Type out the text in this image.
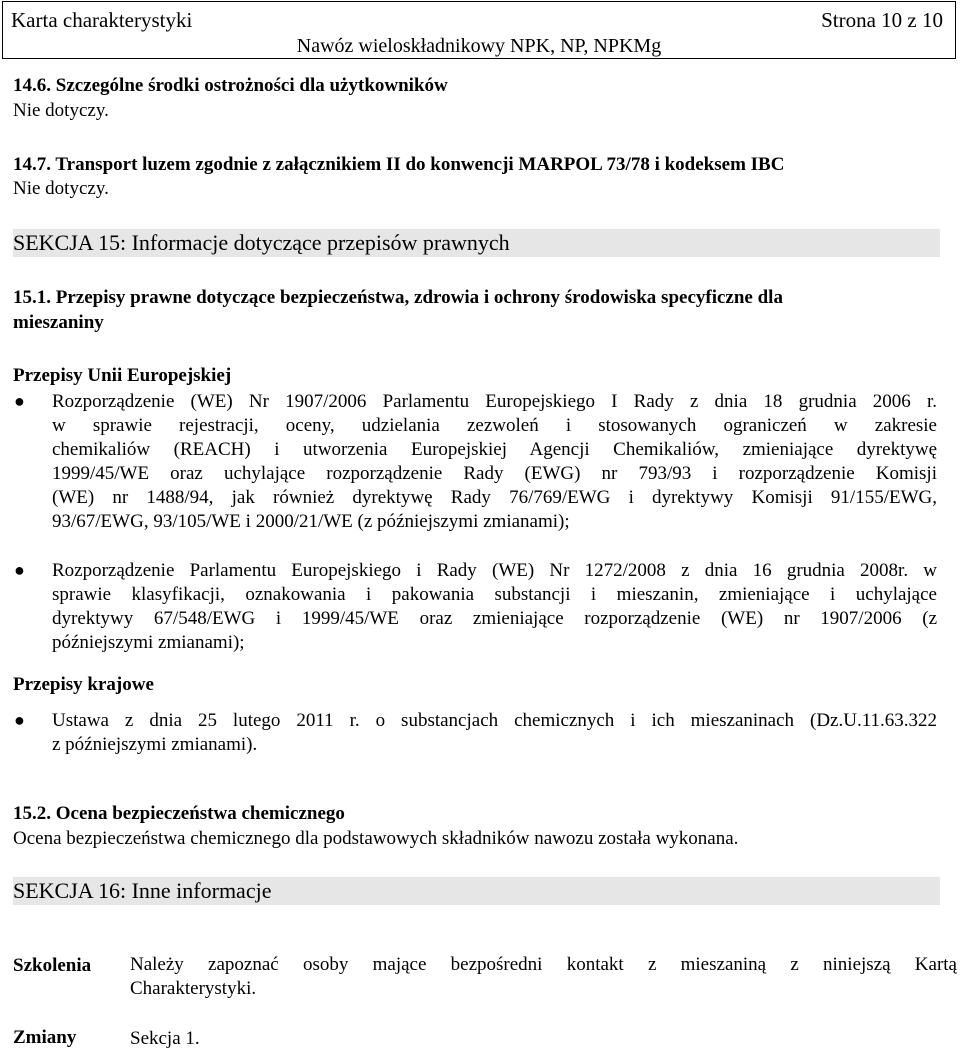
Karta charakterystyki	Strona 10 z 10
Nawóz wieloskładnikowy NPK, NP, NPKMg
14.6. Szczególne środki ostrożności dla użytkowników
Nie dotyczy.
14.7. Transport luzem zgodnie z załącznikiem II do konwencji MARPOL 73/78 i kodeksem IBC
Nie dotyczy.
SEKCJA 15: Informacje dotyczące przepisów prawnych
15.1. Przepisy prawne dotyczące bezpieczeństwa, zdrowia i ochrony środowiska specyficzne dla
mieszaniny
Przepisy Unii Europejskiej
● Rozporządzenie (WE) Nr 1907/2006 Parlamentu Europejskiego I Rady z dnia 18 grudnia 2006 r.
w sprawie rejestracji, oceny, udzielania zezwoleń i stosowanych ograniczeń w zakresie
chemikaliów (REACH) i utworzenia Europejskiej Agencji Chemikaliów, zmieniające dyrektywę
1999/45/WE oraz uchylające rozporządzenie Rady (EWG) nr 793/93 i rozporządzenie Komisji
(WE) nr 1488/94, jak również dyrektywę Rady 76/769/EWG i dyrektywy Komisji 91/155/EWG,
93/67/EWG, 93/105/WE i 2000/21/WE (z późniejszymi zmianami);
● Rozporządzenie Parlamentu Europejskiego i Rady (WE) Nr 1272/2008 z dnia 16 grudnia 2008r. w
sprawie klasyfikacji, oznakowania i pakowania substancji i mieszanin, zmieniające i uchylające
dyrektywy 67/548/EWG i 1999/45/WE oraz zmieniające rozporządzenie (WE) nr 1907/2006 (z
późniejszymi zmianami);
Przepisy krajowe
● Ustawa z dnia 25 lutego 2011 r. o substancjach chemicznych i ich mieszaninach (Dz.U.11.63.322
z późniejszymi zmianami).
15.2. Ocena bezpieczeństwa chemicznego
Ocena bezpieczeństwa chemicznego dla podstawowych składników nawozu została wykonana.
SEKCJA 16: Inne informacje
Szkolenia Należy zapoznać osoby mające bezpośredni kontakt z mieszaniną z niniejszą Kartą
Charakterystyki.
Zmiany	Sekcja 1.
